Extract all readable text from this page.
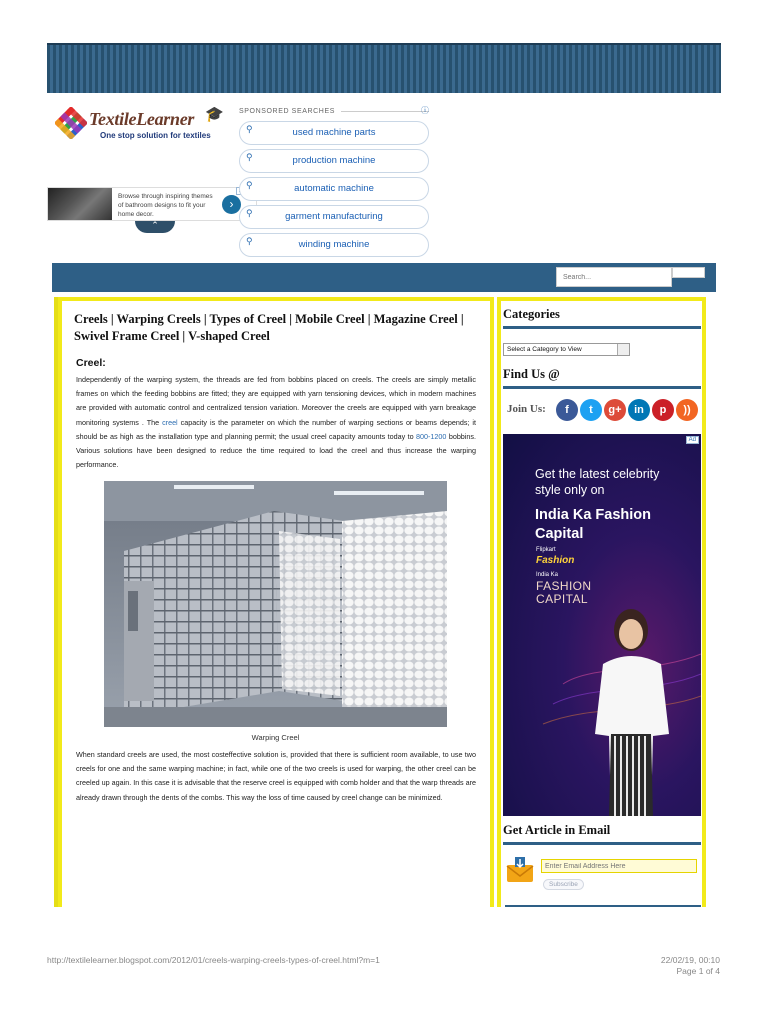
TextileLearner 🎓
One stop solution for textiles
Browse through inspiring themes of bathroom designs to fit your home decor.
›
⌃
SPONSORED SEARCHES	ⓘ
⚲	used machine parts
⚲	production machine
⚲	automatic machine
⚲	garment manufacturing
⚲	winding machine
Search...
Creels | Warping Creels | Types of Creel | Mobile Creel | Magazine Creel | Swivel Frame Creel | V-shaped Creel
Creel:

Independently of the warping system, the threads are fed from bobbins placed on creels. The creels are simply metallic frames on which the feeding bobbins are fitted; they are equipped with yarn tensioning devices, which in modern machines are provided with automatic control and centralized tension variation. Moreover the creels are equipped with yarn breakage monitoring systems . The creel capacity is the parameter on which the number of warping sections or beams depends; it should be as high as the installation type and planning permit; the usual creel capacity amounts today to 800-1200 bobbins. Various solutions have been designed to reduce the time required to load the creel and thus increase the warping performance.

Warping Creel

When standard creels are used, the most costeffective solution is, provided that there is sufficient room available, to use two creels for one and the same warping machine; in fact, while one of the two creels is used for warping, the other creel can be creeled up again. In this case it is advisable that the reserve creel is equipped with comb holder and that the warp threads are already drawn through the dents of the combs. This way the loss of time caused by creel change can be minimized.

Categories
Select a Category to View
Find Us @
Join Us:	f	t	g+	in	p	))
Ad
Get the latest celebrity style only on
India Ka Fashion Capital
Flipkart
Fashion
India Ka
FASHION CAPITAL
Get Article in Email
Enter Email Address Here
Subscribe
http://textilelearner.blogspot.com/2012/01/creels-warping-creels-types-of-creel.html?m=1	22/02/19, 00:10
Page 1 of 4
